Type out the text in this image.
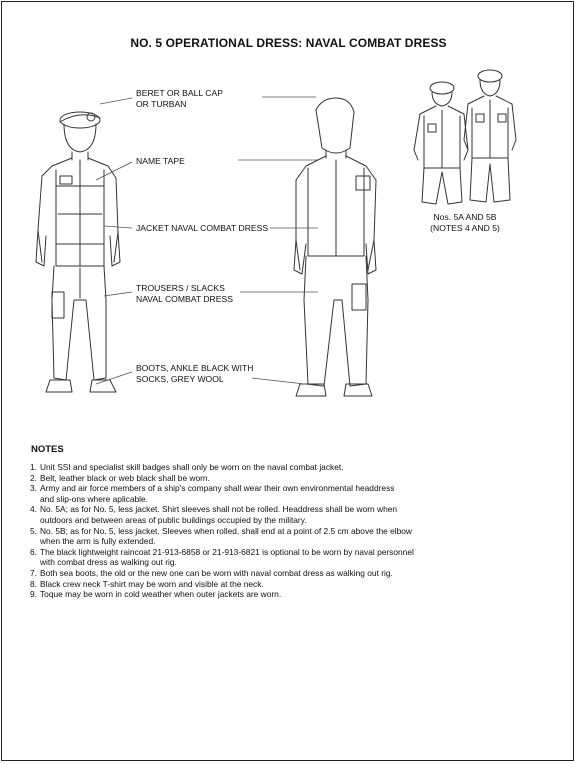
NO. 5 OPERATIONAL DRESS: NAVAL COMBAT DRESS
BERET OR BALL CAP
OR TURBAN
NAME TAPE
JACKET NAVAL COMBAT DRESS
TROUSERS / SLACKS
NAVAL COMBAT DRESS
BOOTS, ANKLE BLACK WITH
SOCKS, GREY WOOL
Nos. 5A AND 5B
(NOTES 4 AND 5)
NOTES
1. Unit SSI and specialist skill badges shall only be worn on the naval combat jacket.
2. Belt, leather black or web black shall be worn.
3. Army and air force members of a ship's company shall wear their own environmental headdress
and slip-ons where aplicable.
4. No. 5A; as for No. 5, less jacket. Shirt sleeves shall not be rolled. Headdress shall be worn when
outdoors and between areas of public buildings occupied by the military.
5. No. 5B; as for No. 5, less jacket. Sleeves when rolled, shall end at a point of 2.5 cm above the elbow
when the arm is fully extended.
6. The black lightweight raincoat 21-913-6858 or 21-913-6821 is optional to be worn by naval personnel
with combat dress as walking out rig.
7. Both sea boots, the old or the new one can be worn with naval combat dress as walking out rig.
8. Black crew neck T-shirt may be worn and visible at the neck.
9. Toque may be worn in cold weather when outer jackets are worn.
